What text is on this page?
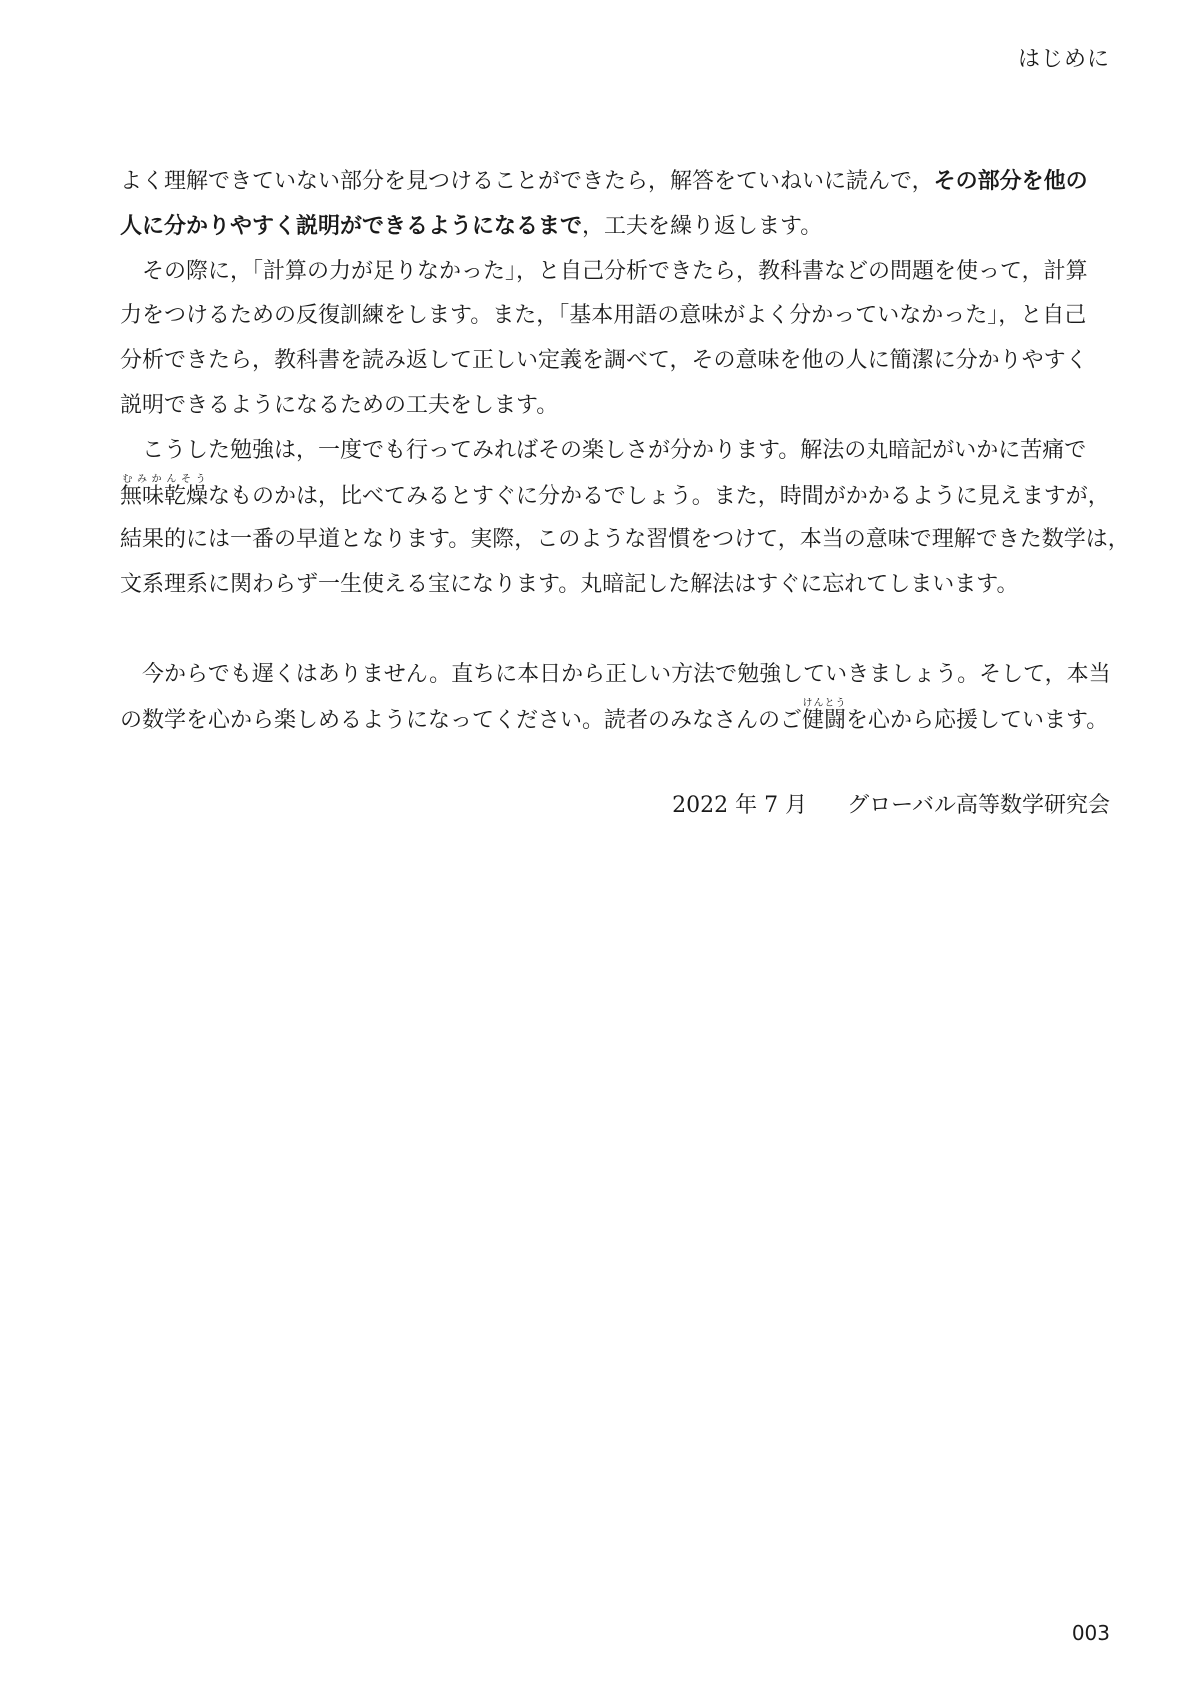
はじめに
よく理解できていない部分を見つけることができたら，解答をていねいに読んで，その部分を他の
人に分かりやすく説明ができるようになるまで，工夫を繰り返します。
その際に，「計算の力が足りなかった」，と自己分析できたら，教科書などの問題を使って，計算
力をつけるための反復訓練をします。また，「基本用語の意味がよく分かっていなかった」，と自己
分析できたら，教科書を読み返して正しい定義を調べて，その意味を他の人に簡潔に分かりやすく
説明できるようになるための工夫をします。
こうした勉強は，一度でも行ってみればその楽しさが分かります。解法の丸暗記がいかに苦痛で
無味乾燥むみかんそうなものかは，比べてみるとすぐに分かるでしょう。また，時間がかかるように見えますが，
結果的には一番の早道となります。実際，このような習慣をつけて，本当の意味で理解できた数学は，
文系理系に関わらず一生使える宝になります。丸暗記した解法はすぐに忘れてしまいます。
今からでも遅くはありません。直ちに本日から正しい方法で勉強していきましょう。そして，本当
の数学を心から楽しめるようになってください。読者のみなさんのご健闘けんとうを心から応援しています。
2022 年 7 月 グローバル高等数学研究会
003
